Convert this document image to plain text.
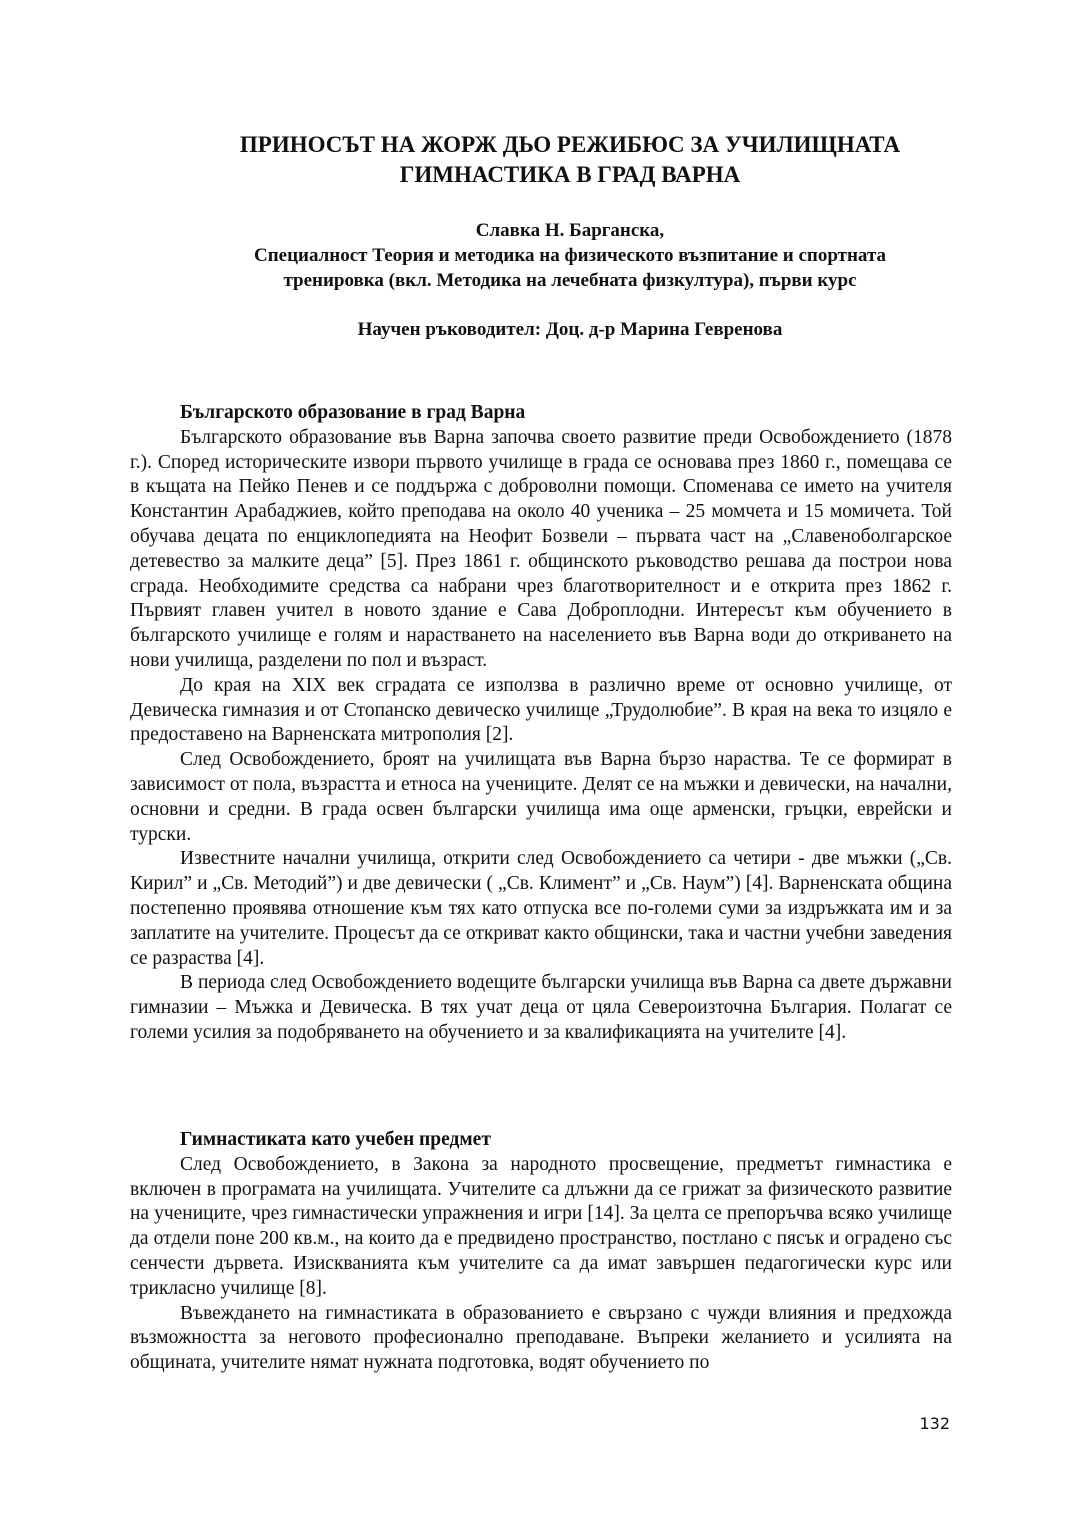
ПРИНОСЪТ НА ЖОРЖ ДЬО РЕЖИБЮС ЗА УЧИЛИЩНАТА
ГИМНАСТИКА В ГРАД ВАРНА
Славка Н. Барганска,
Специалност Теория и методика на физическото възпитание и спортната
тренировка (вкл. Методика на лечебната физкултура), първи курс
Научен ръководител: Доц. д-р Марина Гевренова
Българското образование в град Варна

Българското образование във Варна започва своето развитие преди Освобождението (1878 г.). Според историческите извори първото училище в града се основава през 1860 г., помещава се в къщата на Пейко Пенев и се поддържа с доброволни помощи. Споменава се името на учителя Константин Арабаджиев, който преподава на около 40 ученика – 25 момчета и 15 момичета. Той обучава децата по енциклопедията на Неофит Бозвели – първата част на „Славеноболгарское детевество за малките деца” [5]. През 1861 г. общинското ръководство решава да построи нова сграда. Необходимите средства са набрани чрез благотворителност и е открита през 1862 г. Първият главен учител в новото здание е Сава Доброплодни. Интересът към обучението в българското училище е голям и нарастването на населението във Варна води до откриването на нови училища, разделени по пол и възраст.

До края на XIX век сградата се използва в различно време от основно училище, от Девическа гимназия и от Стопанско девическо училище „Трудолюбие”. В края на века то изцяло е предоставено на Варненската митрополия [2].

След Освобождението, броят на училищата във Варна бързо нараства. Те се формират в зависимост от пола, възрастта и етноса на учениците. Делят се на мъжки и девически, на начални, основни и средни. В града освен български училища има още арменски, гръцки, еврейски и турски.

Известните начални училища, открити след Освобождението са четири - две мъжки („Св. Кирил” и „Св. Методий”) и две девически ( „Св. Климент” и „Св. Наум”) [4]. Варненската община постепенно проявява отношение към тях като отпуска все по-големи суми за издръжката им и за заплатите на учителите. Процесът да се откриват както общински, така и частни учебни заведения се разраства [4].

В периода след Освобождението водещите български училища във Варна са двете държавни гимназии – Мъжка и Девическа. В тях учат деца от цяла Североизточна България. Полагат се големи усилия за подобряването на обучението и за квалификацията на учителите [4].

Гимнастиката като учебен предмет

След Освобождението, в Закона за народното просвещение, предметът гимнастика е включен в програмата на училищата. Учителите са длъжни да се грижат за физическото развитие на учениците, чрез гимнастически упражнения и игри [14]. За целта се препоръчва всяко училище да отдели поне 200 кв.м., на които да е предвидено пространство, постлано с пясък и оградено със сенчести дървета. Изискванията към учителите са да имат завършен педагогически курс или трикласно училище [8].

Въвеждането на гимнастиката в образованието е свързано с чужди влияния и предхожда възможността за неговото професионално преподаване. Въпреки желанието и усилията на общината, учителите нямат нужната подготовка, водят обучението по

132
